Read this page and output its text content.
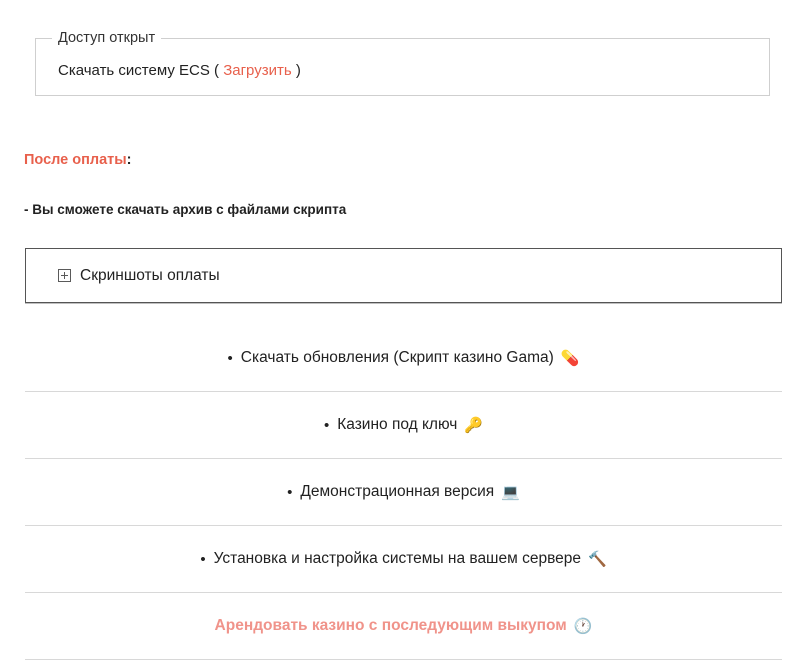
Доступ открыт
Скачать систему ECS ( Загрузить )
После оплаты:
- Вы сможете скачать архив с файлами скрипта
Скриншоты оплаты
• Скачать обновления (Скрипт казино Gama) 💊
• Казино под ключ 🔑
• Демонстрационная версия 💻
• Установка и настройка системы на вашем сервере 🔨
Арендовать казино с последующим выкупом 🕐
